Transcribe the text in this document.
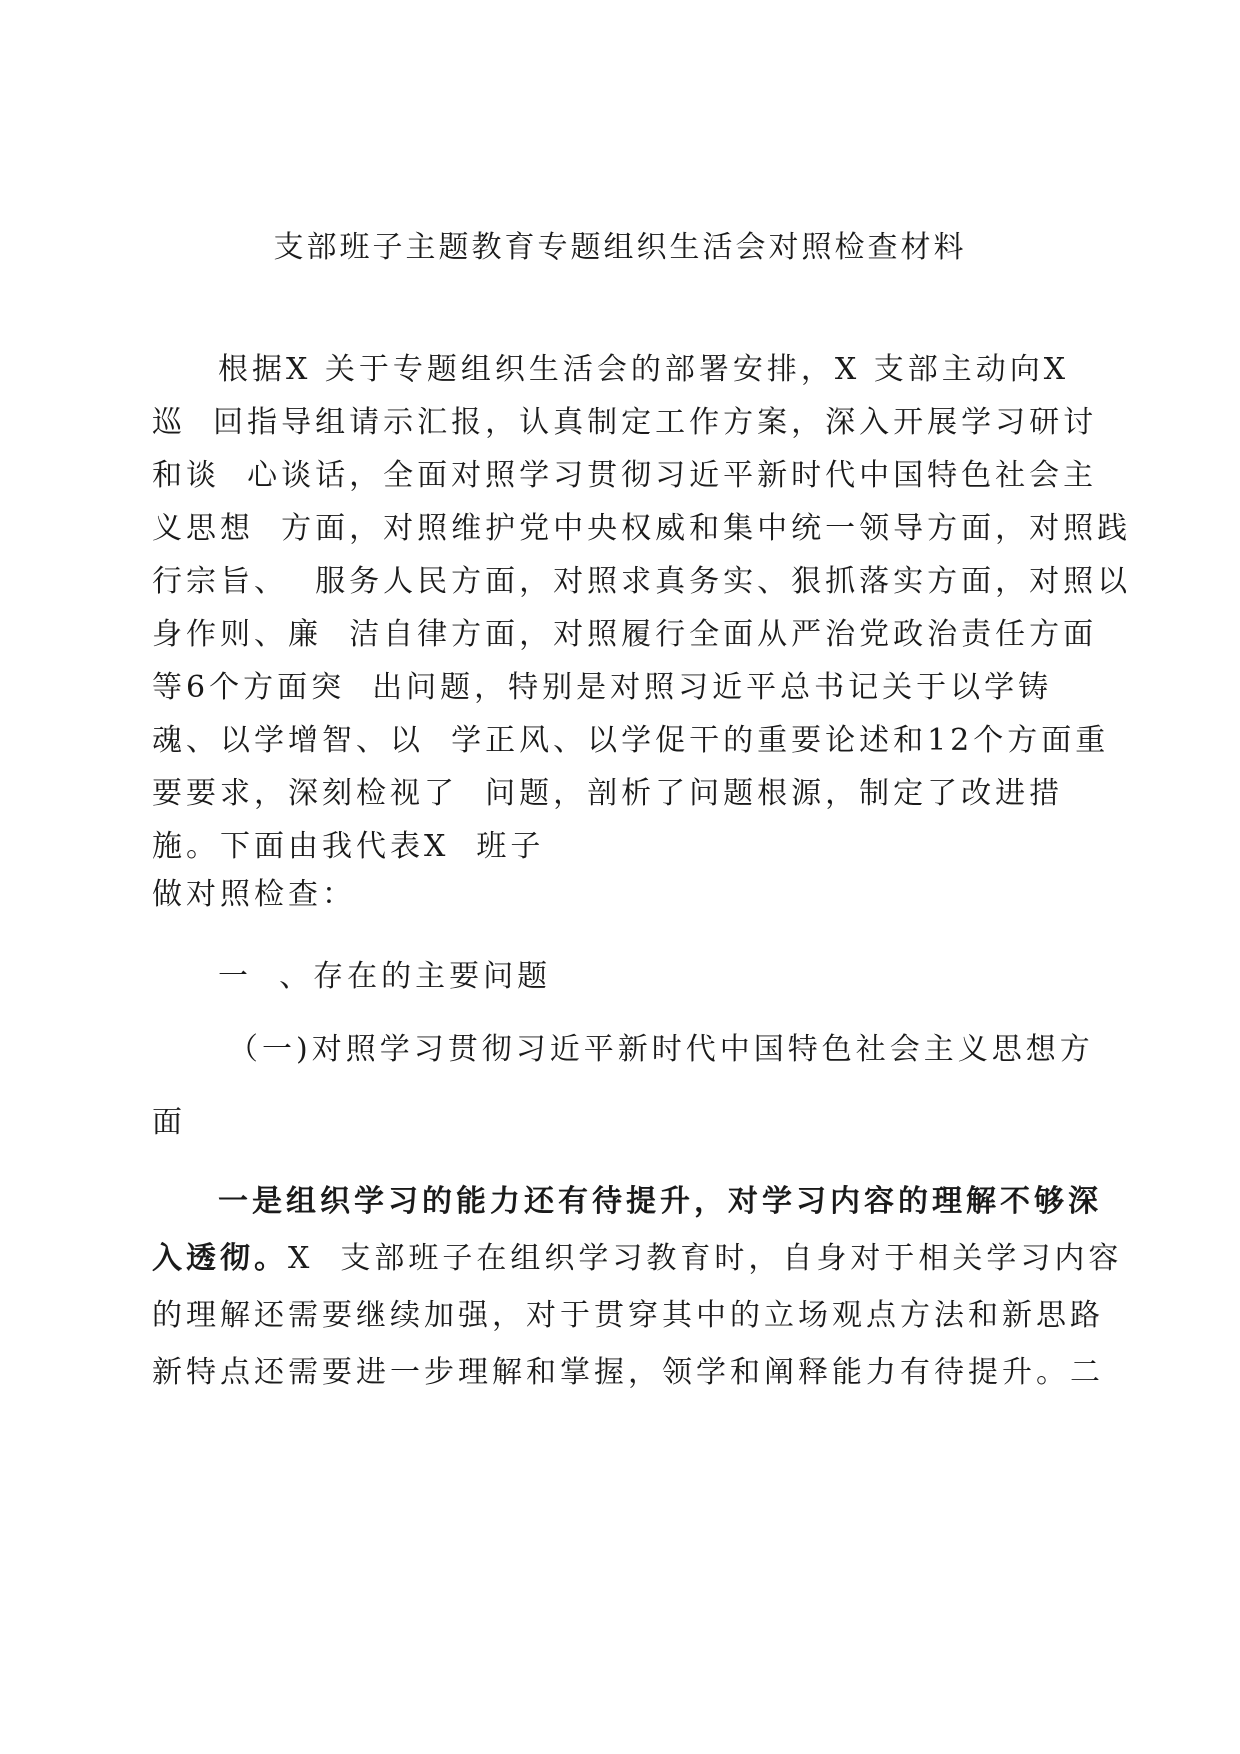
支部班子主题教育专题组织生活会对照检查材料
根据X 关于专题组织生活会的部署安排，X 支部主动向X
巡  回指导组请示汇报，认真制定工作方案，深入开展学习研讨
和谈  心谈话，全面对照学习贯彻习近平新时代中国特色社会主
义思想  方面，对照维护党中央权威和集中统一领导方面，对照践
行宗旨、  服务人民方面，对照求真务实、狠抓落实方面，对照以
身作则、廉  洁自律方面，对照履行全面从严治党政治责任方面
等6个方面突  出问题，特别是对照习近平总书记关于以学铸
魂、以学增智、以  学正风、以学促干的重要论述和12个方面重
要要求，深刻检视了  问题，剖析了问题根源，制定了改进措
施。下面由我代表X  班子
做对照检查：
一  、存在的主要问题
（一)对照学习贯彻习近平新时代中国特色社会主义思想方
面
一是组织学习的能力还有待提升，对学习内容的理解不够深
入透彻。X  支部班子在组织学习教育时，自身对于相关学习内容
的理解还需要继续加强，对于贯穿其中的立场观点方法和新思路
新特点还需要进一步理解和掌握，领学和阐释能力有待提升。二
